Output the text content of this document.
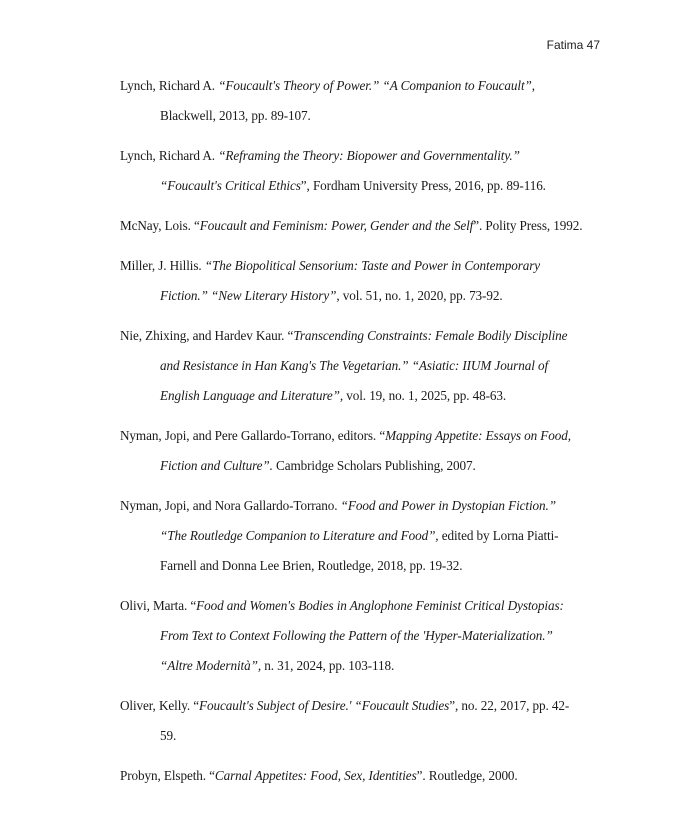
Fatima 47
Lynch, Richard A. “Foucault's Theory of Power.” “A Companion to Foucault”,
Blackwell, 2013, pp. 89-107.
Lynch, Richard A. “Reframing the Theory: Biopower and Governmentality.”
“Foucault's Critical Ethics”, Fordham University Press, 2016, pp. 89-116.
McNay, Lois. “Foucault and Feminism: Power, Gender and the Self”. Polity Press, 1992.
Miller, J. Hillis. “The Biopolitical Sensorium: Taste and Power in Contemporary
Fiction.” “New Literary History”, vol. 51, no. 1, 2020, pp. 73-92.
Nie, Zhixing, and Hardev Kaur. “Transcending Constraints: Female Bodily Discipline
and Resistance in Han Kang's The Vegetarian.” “Asiatic: IIUM Journal of
English Language and Literature”, vol. 19, no. 1, 2025, pp. 48-63.
Nyman, Jopi, and Pere Gallardo-Torrano, editors. “Mapping Appetite: Essays on Food,
Fiction and Culture”. Cambridge Scholars Publishing, 2007.
Nyman, Jopi, and Nora Gallardo-Torrano. “Food and Power in Dystopian Fiction.”
“The Routledge Companion to Literature and Food”, edited by Lorna Piatti-
Farnell and Donna Lee Brien, Routledge, 2018, pp. 19-32.
Olivi, Marta. “Food and Women's Bodies in Anglophone Feminist Critical Dystopias:
From Text to Context Following the Pattern of the 'Hyper-Materialization.”
“Altre Modernità”, n. 31, 2024, pp. 103-118.
Oliver, Kelly. “Foucault's Subject of Desire.' “Foucault Studies”, no. 22, 2017, pp. 42-
59.
Probyn, Elspeth. “Carnal Appetites: Food, Sex, Identities”. Routledge, 2000.
